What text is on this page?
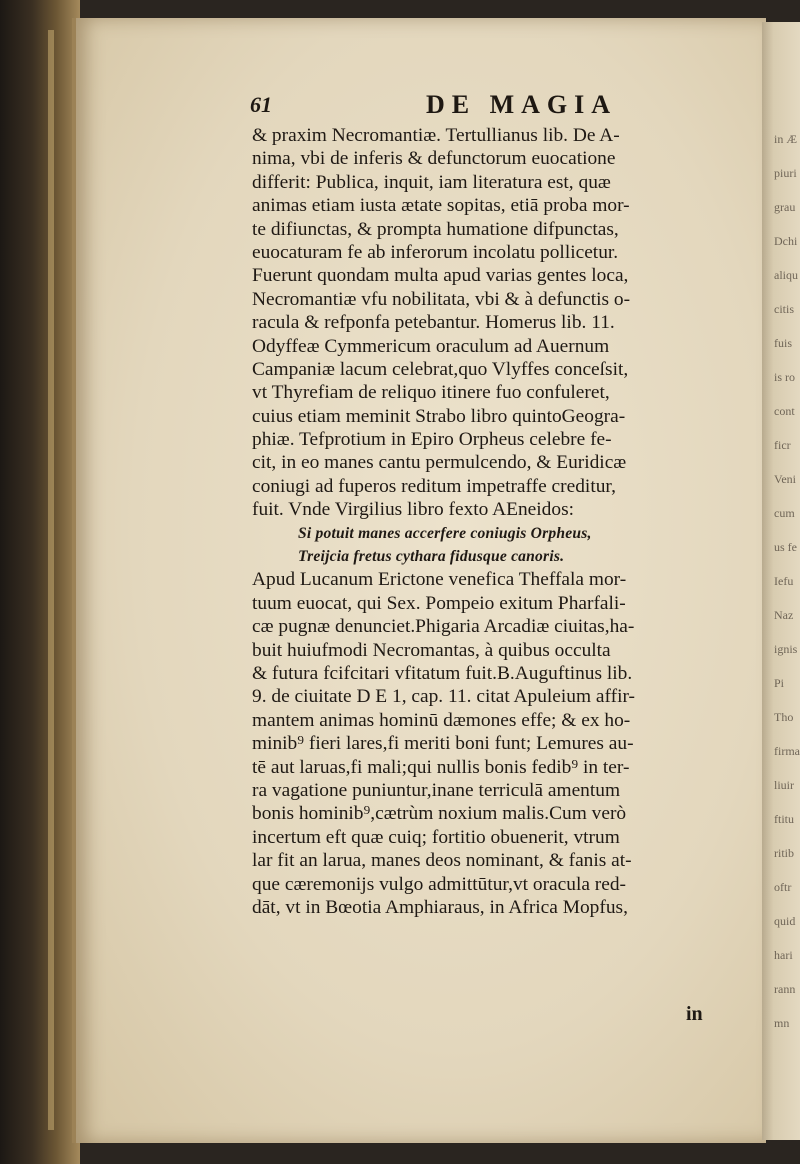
in Æ
piuri
grau
Dchi
aliqu
citis
fuis
is ro
cont
ficr
Veni
cum
us fe
Iefu
Naz
ignis
Pi
Tho
firma
liuir
ftitu
ritib
oftr
quid
hari
rann
mn
61	DE MAGIA
& praxim Necromantiæ. Tertullianus lib. De A-
nima, vbi de inferis & defunctorum euocatione
differit: Publica, inquit, iam literatura est, quæ
animas etiam iusta ætate sopitas, etiā proba mor-
te difiunctas, & prompta humatione difpunctas,
euocaturam fe ab inferorum incolatu pollicetur.
Fuerunt quondam multa apud varias gentes loca,
Necromantiæ vfu nobilitata, vbi & à defunctis o-
racula & refponfa petebantur. Homerus lib. 11.
Odyffeæ Cymmericum oraculum ad Auernum
Campaniæ lacum celebrat,quo Vlyffes conceſsit,
vt Thyrefiam de reliquo itinere fuo confuleret,
cuius etiam meminit Strabo libro quintoGeogra-
phiæ. Tefprotium in Epiro Orpheus celebre fe-
cit, in eo manes cantu permulcendo, & Euridicæ
coniugi ad fuperos reditum impetraffe creditur,
fuit. Vnde Virgilius libro fexto AEneidos:
Si potuit manes accerfere coniugis Orpheus,
Treijcia fretus cythara fidusque canoris.
Apud Lucanum Erictone venefica Theffala mor-
tuum euocat, qui Sex. Pompeio exitum Pharfali-
cæ pugnæ denunciet.Phigaria Arcadiæ ciuitas,ha-
buit huiufmodi Necromantas, à quibus occulta
& futura fcifcitari vfitatum fuit.B.Auguftinus lib.
9. de ciuitate D E 1, cap. 11. citat Apuleium affir-
mantem animas hominū dæmones effe; & ex ho-
minib⁹ fieri lares,fi meriti boni funt; Lemures au-
tē aut laruas,fi mali;qui nullis bonis fedib⁹ in ter-
ra vagatione puniuntur,inane terriculā amentum
bonis hominib⁹,cætrùm noxium malis.Cum verò
incertum eft quæ cuiq; fortitio obuenerit, vtrum
lar fit an larua, manes deos nominant, & fanis at-
que cæremonijs vulgo admittūtur,vt oracula red-
dāt, vt in Bœotia Amphiaraus, in Africa Mopfus,
in
